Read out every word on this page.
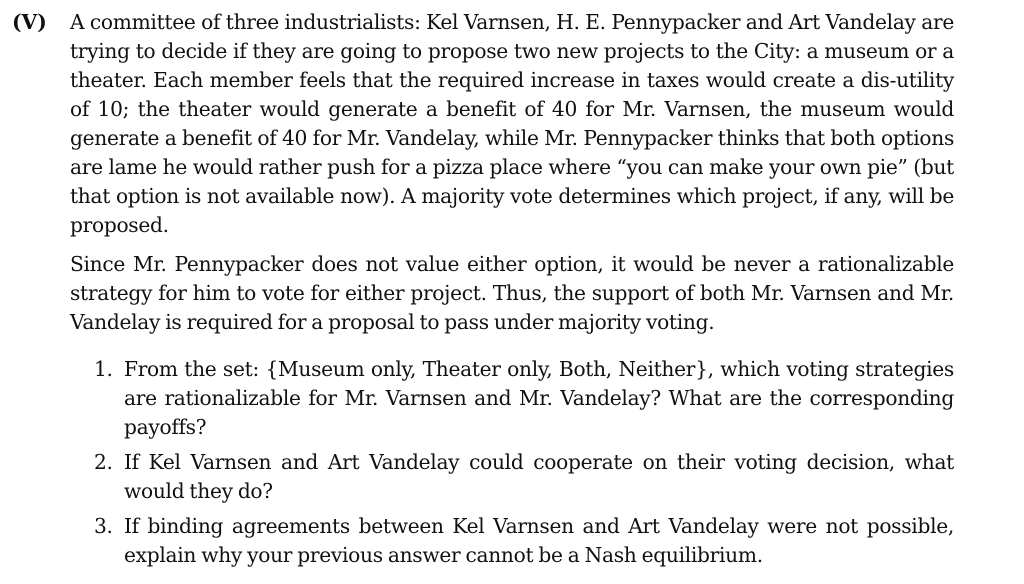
(V) A committee of three industrialists: Kel Varnsen, H. E. Pennypacker and Art Vandelay are trying to decide if they are going to propose two new projects to the City: a museum or a theater. Each member feels that the required increase in taxes would create a dis-utility of 10; the theater would generate a benefit of 40 for Mr. Varnsen, the museum would generate a benefit of 40 for Mr. Vandelay, while Mr. Pennypacker thinks that both options are lame he would rather push for a pizza place where “you can make your own pie” (but that option is not available now). A majority vote determines which project, if any, will be proposed.

Since Mr. Pennypacker does not value either option, it would be never a rationalizable strategy for him to vote for either project. Thus, the support of both Mr. Varnsen and Mr. Vandelay is required for a proposal to pass under majority voting.

1. From the set: {Museum only, Theater only, Both, Neither}, which voting strategies are rationalizable for Mr. Varnsen and Mr. Vandelay? What are the corresponding payoffs?
2. If Kel Varnsen and Art Vandelay could cooperate on their voting decision, what would they do?
3. If binding agreements between Kel Varnsen and Art Vandelay were not possible, explain why your previous answer cannot be a Nash equilibrium.
